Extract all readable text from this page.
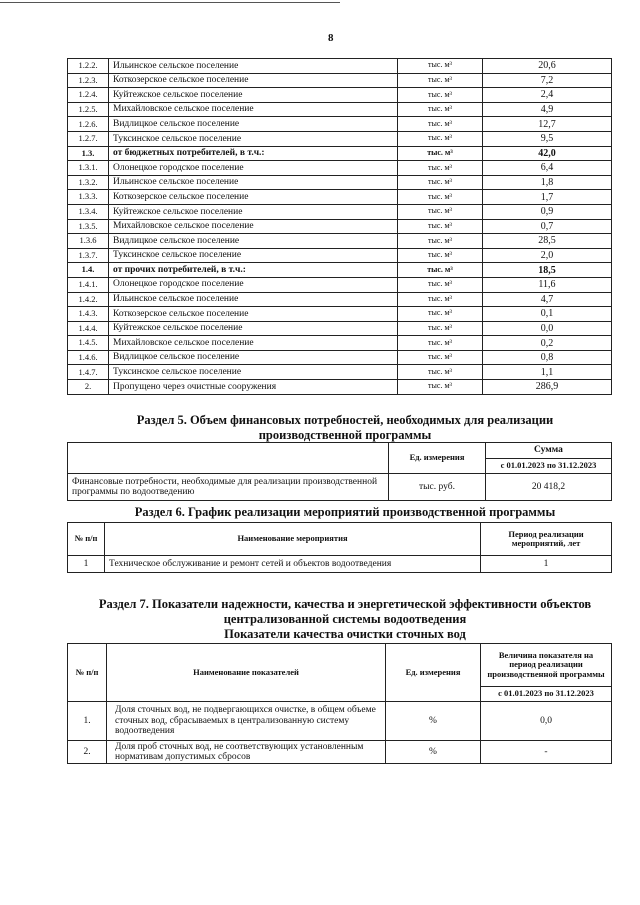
8
1.2.2.	Ильинское сельское поселение	тыс. м³	20,6
1.2.3.	Коткозерское сельское поселение	тыс. м³	7,2
1.2.4.	Куйтежское сельское поселение	тыс. м³	2,4
1.2.5.	Михайловское сельское поселение	тыс. м³	4,9
1.2.6.	Видлицкое сельское поселение	тыс. м³	12,7
1.2.7.	Туксинское сельское поселение	тыс. м³	9,5
1.3.	от бюджетных потребителей, в т.ч.:	тыс. м³	42,0
1.3.1.	Олонецкое городское поселение	тыс. м³	6,4
1.3.2.	Ильинское сельское поселение	тыс. м³	1,8
1.3.3.	Коткозерское сельское поселение	тыс. м³	1,7
1.3.4.	Куйтежское сельское поселение	тыс. м³	0,9
1.3.5.	Михайловское сельское поселение	тыс. м³	0,7
1.3.6	Видлицкое сельское поселение	тыс. м³	28,5
1.3.7.	Туксинское сельское поселение	тыс. м³	2,0
1.4.	от прочих потребителей, в т.ч.:	тыс. м³	18,5
1.4.1.	Олонецкое городское поселение	тыс. м³	11,6
1.4.2.	Ильинское сельское поселение	тыс. м³	4,7
1.4.3.	Коткозерское сельское поселение	тыс. м³	0,1
1.4.4.	Куйтежское сельское поселение	тыс. м³	0,0
1.4.5.	Михайловское сельское поселение	тыс. м³	0,2
1.4.6.	Видлицкое сельское поселение	тыс. м³	0,8
1.4.7.	Туксинское сельское поселение	тыс. м³	1,1
2.	Пропущено через очистные сооружения	тыс. м³	286,9
Раздел 5. Объем финансовых потребностей, необходимых для реализации
производственной программы
	Ед. измерения	Сумма
		с 01.01.2023 по 31.12.2023
Финансовые потребности, необходимые для реализации производственной программы по водоотведению	тыс. руб.	20 418,2
Раздел 6. График реализации мероприятий производственной программы
№ п/п	Наименование мероприятия	Период реализации мероприятий, лет
1	Техническое обслуживание и ремонт сетей и объектов водоотведения	1
Раздел 7. Показатели надежности, качества и энергетической эффективности объектов
централизованной системы водоотведения
Показатели качества очистки сточных вод
№ п/п	Наименование показателей	Ед. измерения	Величина показателя на период реализации производственной программы
			с 01.01.2023 по 31.12.2023
1.	Доля сточных вод, не подвергающихся очистке, в общем объеме сточных вод, сбрасываемых в централизованную систему водоотведения	%	0,0
2.	Доля проб сточных вод, не соответствующих установленным нормативам допустимых сбросов	%	-
